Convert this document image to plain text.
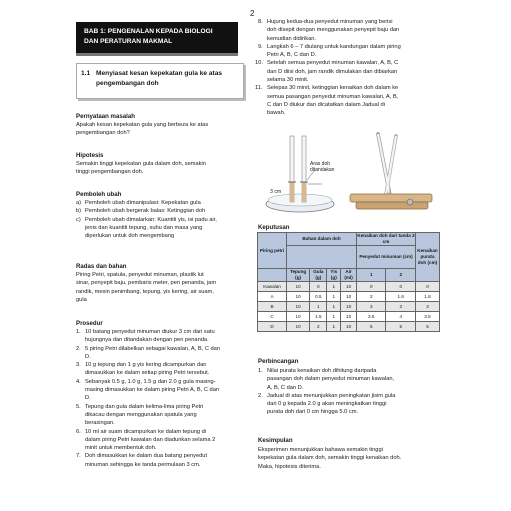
2
BAB 1: PENGENALAN KEPADA BIOLOGI
DAN PERATURAN MAKMAL
1.1 Menyiasat kesan kepekatan gula ke atas pengembangan doh
Pernyataan masalah
Apakah kesan kepekatan gula yang berbeza ke atas
pengembangan doh?
Hipotesis
Semakin tinggi kepekatan gula dalam doh, semakin
tinggi pengembangan doh.
Pemboleh ubah
a) Pemboleh ubah dimanipulasi: Kepekatan gula
b) Pemboleh ubah bergerak balas: Ketinggian doh
c) Pemboleh ubah dimalarkan: Kuantiti yis, isi padu air,
jenis dan kuantiti tepung, suhu dan masa yang
diperlukan untuk doh mengembang
Radas dan bahan
Piring Petri, spatula, penyedut minuman, plastik lut
sinar, penyepit baju, pembaris meter, pen penanda, jam
randik, mesin penimbang, tepung, yis kering, air suam,
gula
Prosedur
1. 10 batang penyedut minuman diukur 3 cm dari satu
hujungnya dan ditandakan dengan pen penanda.
2. 5 piring Petri dilabelkan sebagai kawalan, A, B, C dan
D.
3. 10 g tepung dan 1 g yis kering dicampurkan dan
dimasukkan ke dalam setiap piring Petri tersebut.
4. Sebanyak 0.5 g, 1.0 g, 1.5 g dan 2.0 g gula masing-
masing dimasukkan ke dalam piring Petri A, B, C dan
D.
5. Tepung dan gula dalam kelima-lima piring Petri
dikacau dengan menggunakan spatula yang
berasingan.
6. 10 ml air suam dicampurkan ke dalam tepung di
dalam piring Petri kawalan dan diadunkan selama 2
minit untuk membentuk doh.
7. Doh dimasukkan ke dalam dua batang penyedut
minuman sehingga ke tanda permulaan 3 cm.
8. Hujung kedua-dua penyedut minuman yang berisi
doh disepit dengan menggunakan penyepit baju dan
kemudian didirikan.
9. Langkah 6 – 7 diulang untuk kandungan dalam piring
Petri A, B, C dan D.
10. Setelah semua penyedut minuman kawalan, A, B, C
dan D diisi doh, jam randik dimulakan dan dibiarkan
selama 30 minit.
11. Selepas 30 minit, ketinggian kenaikan doh dalam ke
semua pasangan penyedut minuman kawalan, A, B,
C dan D diukur dan dicatatkan dalam Jadual di
bawah.
3 cm
Aras doh
ditandakan
Keputusan
Piring petri	Bahan dalam doh				Kenaikan doh dari tanda 3 cm		Kenaikan purata doh (cm)
					Penyedut minuman (cm)		
	Tepung (g)	Gula (g)	Yis (g)	Air (ml)	1	2	
Kawalan	10	0	1	10	0	0	0
A	10	0.5	1	10	2	1.6	1.8
B	10	1	1	10	3	3	3
C	10	1.5	1	10	3.6	4	3.8
D	10	2	1	10	5	5	5
Perbincangan
1. Nilai purata kenaikan doh dihitung daripada
pasangan doh dalam penyedut minuman kawalan,
A, B, C dan D.
2. Jadual di atas menunjukkan peningkatan jisim gula
dari 0 g kepada 2.0 g akan meningkatkan tinggi
purata doh dari 0 cm hingga 5.0 cm.
Kesimpulan
Eksperimen menunjukkan bahawa semakin tinggi
kepekatan gula dalam doh, semakin tinggi kenaikan doh.
Maka, hipotesis diterima.
